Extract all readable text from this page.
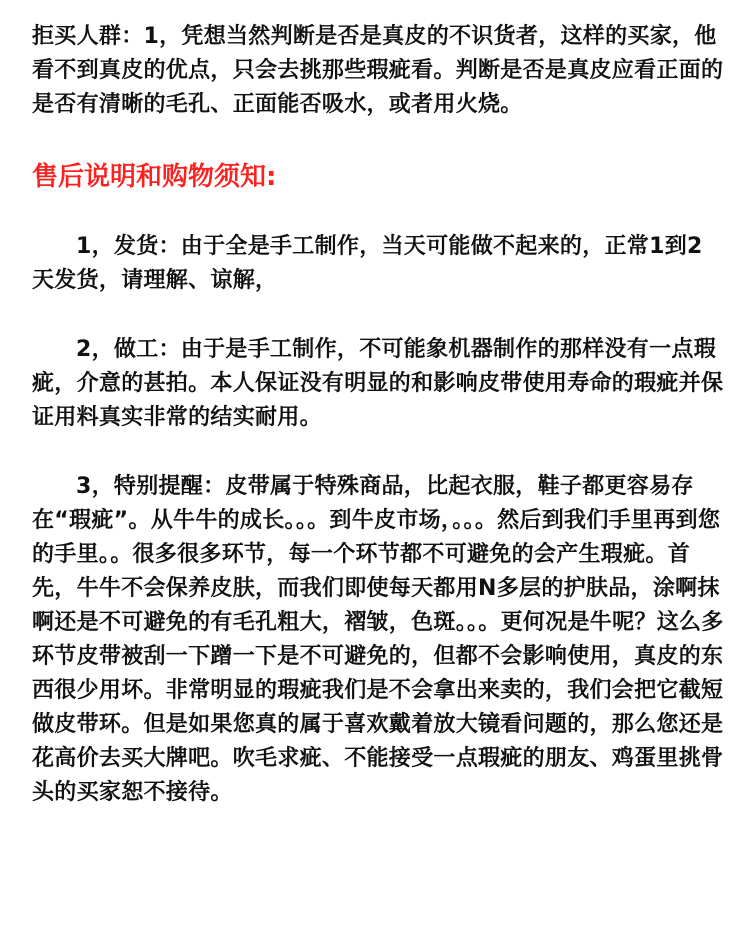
拒买人群：1，凭想当然判断是否是真皮的不识货者，这样的买家，他看不到真皮的优点，只会去挑那些瑕疵看。判断是否是真皮应看正面的是否有清晰的毛孔、正面能否吸水，或者用火烧。

售后说明和购物须知:

1，发货：由于全是手工制作，当天可能做不起来的，正常1到2天发货，请理解、谅解，

2，做工：由于是手工制作，不可能象机器制作的那样没有一点瑕疵，介意的甚拍。本人保证没有明显的和影响皮带使用寿命的瑕疵并保证用料真实非常的结实耐用。

3，特别提醒：皮带属于特殊商品，比起衣服，鞋子都更容易存在“瑕疵”。从牛牛的成长。。。到牛皮市场，。。。然后到我们手里再到您的手里。。很多很多环节，每一个环节都不可避免的会产生瑕疵。首先，牛牛不会保养皮肤，而我们即使每天都用N多层的护肤品，涂啊抹啊还是不可避免的有毛孔粗大，褶皱，色斑。。。更何况是牛呢？这么多环节皮带被刮一下蹭一下是不可避免的，但都不会影响使用，真皮的东西很少用坏。非常明显的瑕疵我们是不会拿出来卖的，我们会把它截短做皮带环。但是如果您真的属于喜欢戴着放大镜看问题的，那么您还是花高价去买大牌吧。吹毛求疵、不能接受一点瑕疵的朋友、鸡蛋里挑骨头的买家恕不接待。
